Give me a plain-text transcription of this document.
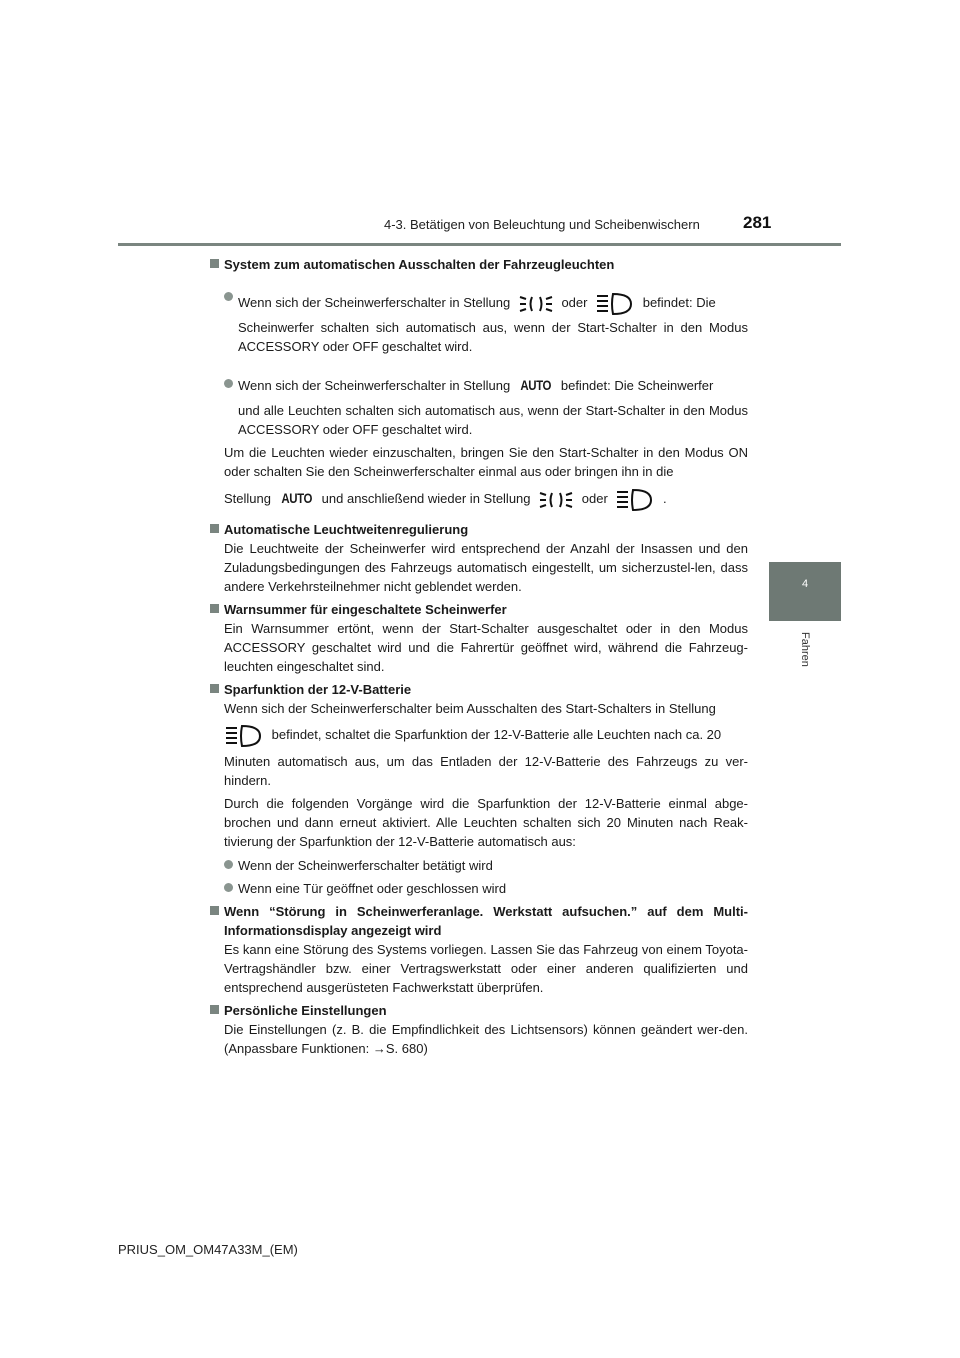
4-3. Betätigen von Beleuchtung und Scheibenwischern	281
4
Fahren

System zum automatischen Ausschalten der Fahrzeugleuchten

Wenn sich der Scheinwerferschalter in Stellung	oder	befindet: Die

Scheinwerfer schalten sich automatisch aus, wenn der Start-Schalter in den Modus ACCESSORY oder OFF geschaltet wird.

Wenn sich der Scheinwerferschalter in Stellung AUTO befindet: Die Scheinwerfer

und alle Leuchten schalten sich automatisch aus, wenn der Start-Schalter in den Modus ACCESSORY oder OFF geschaltet wird.

Um die Leuchten wieder einzuschalten, bringen Sie den Start-Schalter in den Modus ON oder schalten Sie den Scheinwerferschalter einmal aus oder bringen ihn in die

Stellung AUTO und anschließend wieder in Stellung	oder	.

Automatische Leuchtweitenregulierung

Die Leuchtweite der Scheinwerfer wird entsprechend der Anzahl der Insassen und den Zuladungsbedingungen des Fahrzeugs automatisch eingestellt, um sicherzustel-len, dass andere Verkehrsteilnehmer nicht geblendet werden.

Warnsummer für eingeschaltete Scheinwerfer

Ein Warnsummer ertönt, wenn der Start-Schalter ausgeschaltet oder in den Modus ACCESSORY geschaltet wird und die Fahrertür geöffnet wird, während die Fahrzeug-leuchten eingeschaltet sind.

Sparfunktion der 12-V-Batterie

Wenn sich der Scheinwerferschalter beim Ausschalten des Start-Schalters in Stellung

befindet, schaltet die Sparfunktion der 12-V-Batterie alle Leuchten nach ca. 20

Minuten automatisch aus, um das Entladen der 12-V-Batterie des Fahrzeugs zu ver-hindern.

Durch die folgenden Vorgänge wird die Sparfunktion der 12-V-Batterie einmal abge-brochen und dann erneut aktiviert. Alle Leuchten schalten sich 20 Minuten nach Reak-tivierung der Sparfunktion der 12-V-Batterie automatisch aus:

Wenn der Scheinwerferschalter betätigt wird

Wenn eine Tür geöffnet oder geschlossen wird

Wenn “Störung in Scheinwerferanlage. Werkstatt aufsuchen.” auf dem Multi-Informationsdisplay angezeigt wird

Es kann eine Störung des Systems vorliegen. Lassen Sie das Fahrzeug von einem Toyota-Vertragshändler bzw. einer Vertragswerkstatt oder einer anderen qualifizierten und entsprechend ausgerüsteten Fachwerkstatt überprüfen.

Persönliche Einstellungen

Die Einstellungen (z. B. die Empfindlichkeit des Lichtsensors) können geändert wer-den. (Anpassbare Funktionen: →S. 680)

PRIUS_OM_OM47A33M_(EM)
